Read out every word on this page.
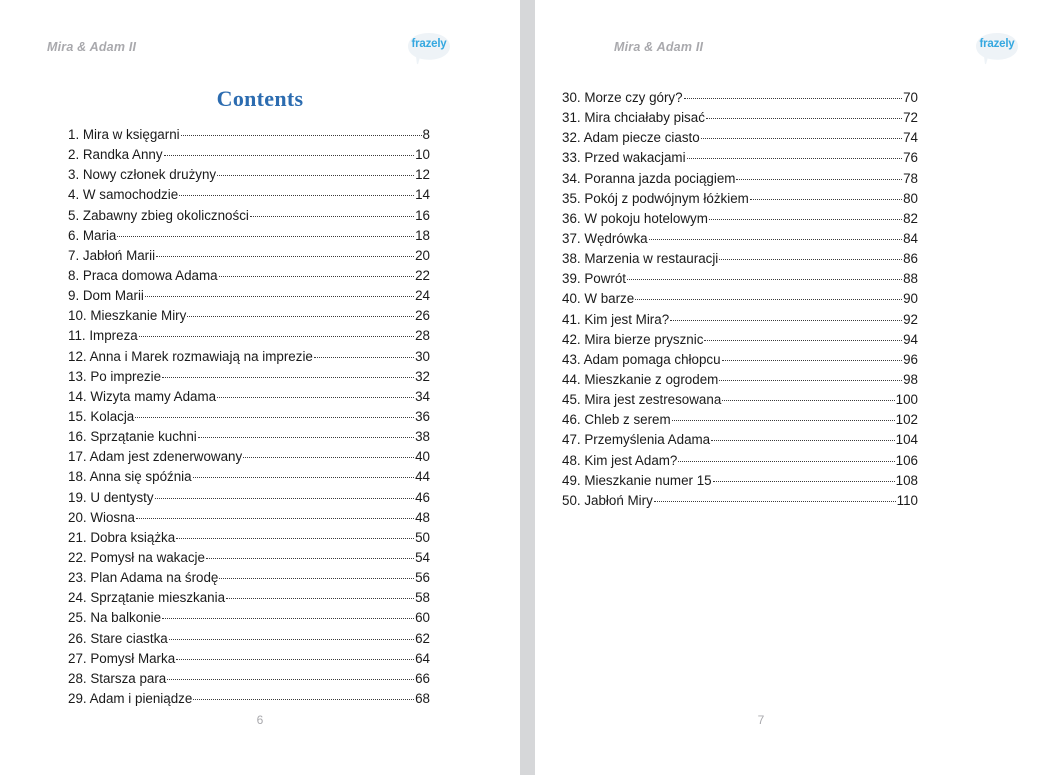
Mira & Adam II	frazely
Contents
1. Mira w księgarni	8
2. Randka Anny	10
3. Nowy członek drużyny	12
4. W samochodzie	14
5. Zabawny zbieg okoliczności	16
6. Maria	18
7. Jabłoń Marii	20
8. Praca domowa Adama	22
9. Dom Marii	24
10. Mieszkanie Miry	26
11. Impreza	28
12. Anna i Marek rozmawiają na imprezie	30
13. Po imprezie	32
14. Wizyta mamy Adama	34
15. Kolacja	36
16. Sprzątanie kuchni	38
17. Adam jest zdenerwowany	40
18. Anna się spóźnia	44
19. U dentysty	46
20. Wiosna	48
21. Dobra książka	50
22. Pomysł na wakacje	54
23. Plan Adama na środę	56
24. Sprzątanie mieszkania	58
25. Na balkonie	60
26. Stare ciastka	62
27. Pomysł Marka	64
28. Starsza para	66
29. Adam i pieniądze	68
6
Mira & Adam II	frazely
30. Morze czy góry?	70
31. Mira chciałaby pisać	72
32. Adam piecze ciasto	74
33. Przed wakacjami	76
34. Poranna jazda pociągiem	78
35. Pokój z podwójnym łóżkiem	80
36. W pokoju hotelowym	82
37. Wędrówka	84
38. Marzenia w restauracji	86
39. Powrót	88
40. W barze	90
41. Kim jest Mira?	92
42. Mira bierze prysznic	94
43. Adam pomaga chłopcu	96
44. Mieszkanie z ogrodem	98
45. Mira jest zestresowana	100
46. Chleb z serem	102
47. Przemyślenia Adama	104
48. Kim jest Adam?	106
49. Mieszkanie numer 15	108
50. Jabłoń Miry	110
7
